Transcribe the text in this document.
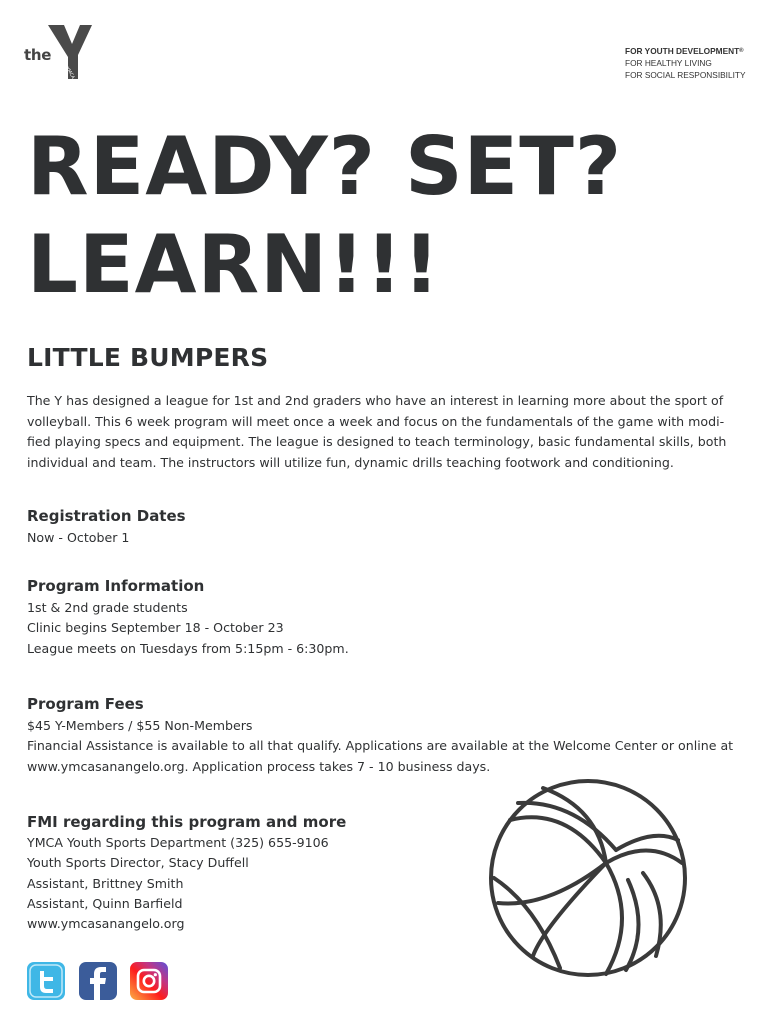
the
YMCA
FOR YOUTH DEVELOPMENT®
FOR HEALTHY LIVING
FOR SOCIAL RESPONSIBILITY
READY? SET?
LEARN!!!
LITTLE BUMPERS
The Y has designed a league for 1st and 2nd graders who have an interest in learning more about the sport of volleyball. This 6 week program will meet once a week and focus on the fundamentals of the game with modi-fied playing specs and equipment. The league is designed to teach terminology, basic fundamental skills, both individual and team. The instructors will utilize fun, dynamic drills teaching footwork and conditioning.
Registration Dates
Now - October 1
Program Information
1st & 2nd grade students
Clinic begins September 18 - October 23
League meets on Tuesdays from 5:15pm - 6:30pm.
Program Fees
$45 Y-Members / $55 Non-Members
Financial Assistance is available to all that qualify. Applications are available at the Welcome Center or online at www.ymcasanangelo.org. Application process takes 7 - 10 business days.
FMI regarding this program and more
YMCA Youth Sports Department (325) 655-9106
Youth Sports Director, Stacy Duffell
Assistant, Brittney Smith
Assistant, Quinn Barfield
www.ymcasanangelo.org
